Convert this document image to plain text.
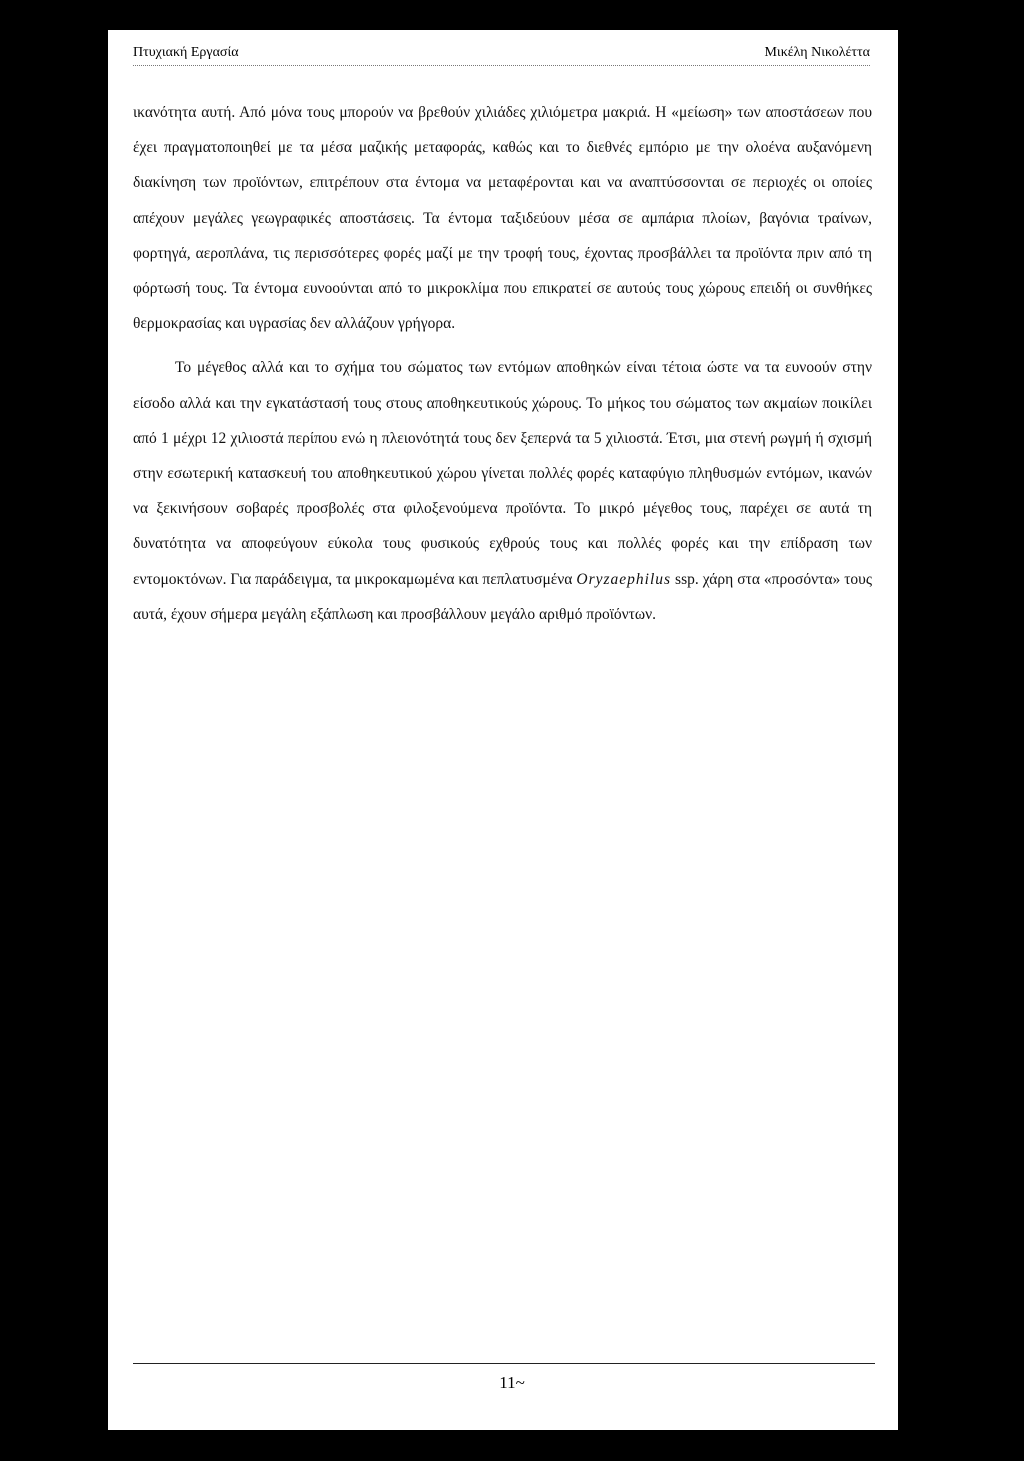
Πτυχιακή Εργασία	Μικέλη Νικολέττα

ικανότητα αυτή. Από μόνα τους μπορούν να βρεθούν χιλιάδες χιλιόμετρα μακριά. Η «μείωση» των αποστάσεων που έχει πραγματοποιηθεί με τα μέσα μαζικής μεταφοράς, καθώς και το διεθνές εμπόριο με την ολοένα αυξανόμενη διακίνηση των προϊόντων, επιτρέπουν στα έντομα να μεταφέρονται και να αναπτύσσονται σε περιοχές οι οποίες απέχουν μεγάλες γεωγραφικές αποστάσεις. Τα έντομα ταξιδεύουν μέσα σε αμπάρια πλοίων, βαγόνια τραίνων, φορτηγά, αεροπλάνα, τις περισσότερες φορές μαζί με την τροφή τους, έχοντας προσβάλλει τα προϊόντα πριν από τη φόρτωσή τους. Τα έντομα ευνοούνται από το μικροκλίμα που επικρατεί σε αυτούς τους χώρους επειδή οι συνθήκες θερμοκρασίας και υγρασίας δεν αλλάζουν γρήγορα.

Το μέγεθος αλλά και το σχήμα του σώματος των εντόμων αποθηκών είναι τέτοια ώστε να τα ευνοούν στην είσοδο αλλά και την εγκατάστασή τους στους αποθηκευτικούς χώρους. Το μήκος του σώματος των ακμαίων ποικίλει από 1 μέχρι 12 χιλιοστά περίπου ενώ η πλειονότητά τους δεν ξεπερνά τα 5 χιλιοστά. Έτσι, μια στενή ρωγμή ή σχισμή στην εσωτερική κατασκευή του αποθηκευτικού χώρου γίνεται πολλές φορές καταφύγιο πληθυσμών εντόμων, ικανών να ξεκινήσουν σοβαρές προσβολές στα φιλοξενούμενα προϊόντα. Το μικρό μέγεθος τους, παρέχει σε αυτά τη δυνατότητα να αποφεύγουν εύκολα τους φυσικούς εχθρούς τους και πολλές φορές και την επίδραση των εντομοκτόνων. Για παράδειγμα, τα μικροκαμωμένα και πεπλατυσμένα Oryzaephilus ssp. χάρη στα «προσόντα» τους αυτά, έχουν σήμερα μεγάλη εξάπλωση και προσβάλλουν μεγάλο αριθμό προϊόντων.

11~
